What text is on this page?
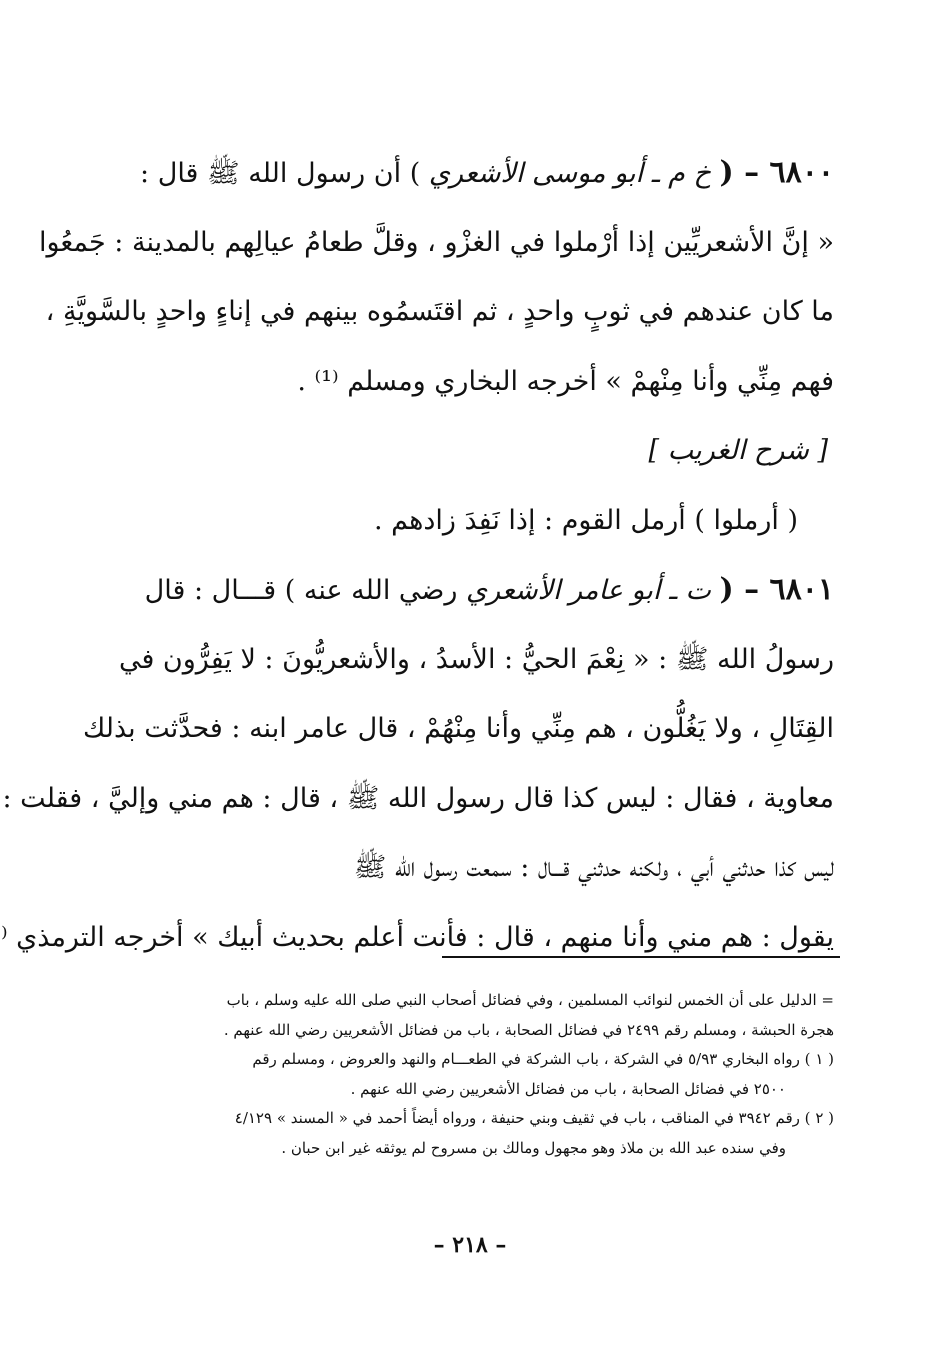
٦٨٠٠ – ( خ م ـ أبو موسى الأشعري ) أن رسول الله ﷺ قال :
« إنَّ الأشعريِّين إذا أرْملوا في الغزْو ، وقلَّ طعامُ عيالِهم بالمدينة : جَمعُوا
ما كان عندهم في ثوبٍ واحدٍ ، ثم اقتَسمُوه بينهم في إناءٍ واحدٍ بالسَّويَّةِ ،
فهم مِنِّي وأنا مِنْهمْ » أخرجه البخاري ومسلم ⁽¹⁾ .
[ شرح الغريب ]
( أرملوا ) أرمل القوم : إذا نَفِدَ زادهم .
٦٨٠١ – ( ت ـ أبو عامر الأشعري رضي الله عنه ) قـــال : قال
رسولُ الله ﷺ : « نِعْمَ الحيُّ : الأسدُ ، والأشعريُّونَ : لا يَفِرُّون في
القِتَالِ ، ولا يَغُلُّون ، هم مِنِّي وأنا مِنْهُمْ ، قال عامر ابنه : فحدَّثت بذلك
معاوية ، فقال : ليس كذا قال رسول الله ﷺ ، قال : هم مني وإليَّ ، فقلت :
ليس كذا حدثني أبي ، ولكنه حدثني قـــال : سمعت رسول الله ﷺ
يقول : هم مني وأنا منهم ، قال : فأنت أعلم بحديث أبيك » أخرجه الترمذي ⁽
= الدليل على أن الخمس لنوائب المسلمين ، وفي فضائل أصحاب النبي صلى الله عليه وسلم ، باب
هجرة الحبشة ، ومسلم رقم ٢٤٩٩ في فضائل الصحابة ، باب من فضائل الأشعريين رضي الله عنهم .
( ١ ) رواه البخاري ٥/٩٣ في الشركة ، باب الشركة في الطعـــام والنهد والعروض ، ومسلم رقم
٢٥٠٠ في فضائل الصحابة ، باب من فضائل الأشعريين رضي الله عنهم .
( ٢ ) رقم ٣٩٤٢ في المناقب ، باب في ثقيف وبني حنيفة ، ورواه أيضاً أحمد في « المسند » ٤/١٢٩
وفي سنده عبد الله بن ملاذ وهو مجهول ومالك بن مسروح لم يوثقه غير ابن حبان .
– ٢١٨ –
